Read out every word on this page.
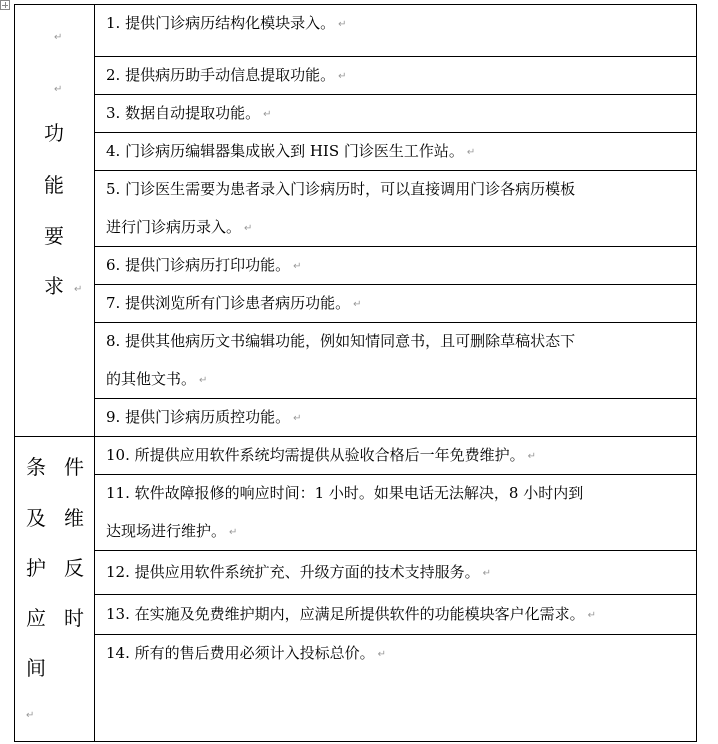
↵
↵
功
能
要
求 ↵
条 件
及 维
护 反
应 时
间
↵
1. 提供门诊病历结构化模块录入。 ↵
2. 提供病历助手动信息提取功能。 ↵
3. 数据自动提取功能。 ↵
4. 门诊病历编辑器集成嵌入到 HIS 门诊医生工作站。 ↵
5. 门诊医生需要为患者录入门诊病历时，可以直接调用门诊各病历模板
进行门诊病历录入。 ↵
6. 提供门诊病历打印功能。 ↵
7. 提供浏览所有门诊患者病历功能。 ↵
8. 提供其他病历文书编辑功能，例如知情同意书，且可删除草稿状态下
的其他文书。 ↵
9. 提供门诊病历质控功能。 ↵
10. 所提供应用软件系统均需提供从验收合格后一年免费维护。 ↵
11. 软件故障报修的响应时间：1 小时。如果电话无法解决，8 小时内到
达现场进行维护。 ↵
12. 提供应用软件系统扩充、升级方面的技术支持服务。 ↵
13. 在实施及免费维护期内，应满足所提供软件的功能模块客户化需求。 ↵
14. 所有的售后费用必须计入投标总价。 ↵
